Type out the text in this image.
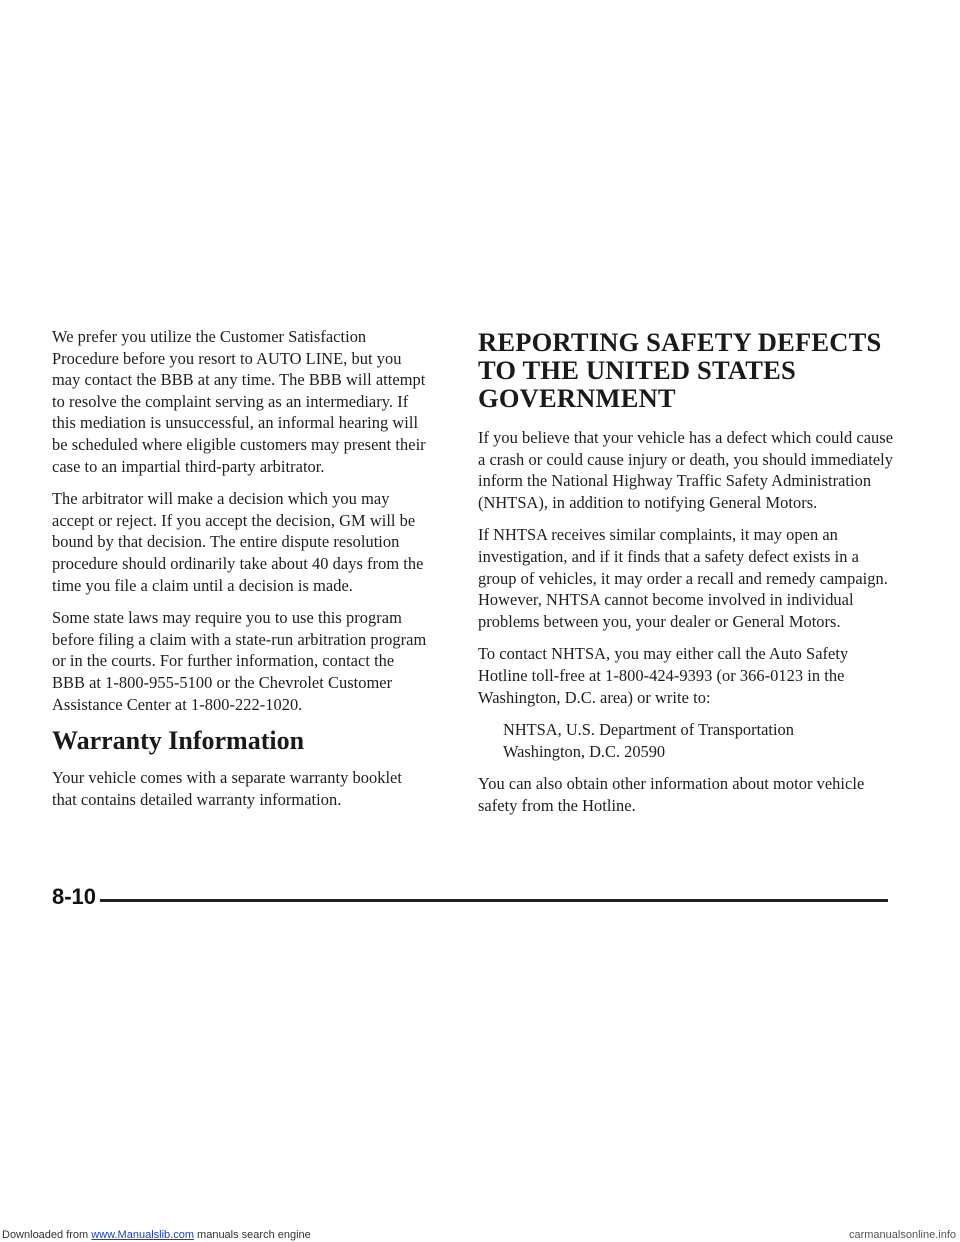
We prefer you utilize the Customer Satisfaction Procedure before you resort to AUTO LINE, but you may contact the BBB at any time. The BBB will attempt to resolve the complaint serving as an intermediary. If this mediation is unsuccessful, an informal hearing will be scheduled where eligible customers may present their case to an impartial third-party arbitrator.

The arbitrator will make a decision which you may accept or reject. If you accept the decision, GM will be bound by that decision. The entire dispute resolution procedure should ordinarily take about 40 days from the time you file a claim until a decision is made.

Some state laws may require you to use this program before filing a claim with a state-run arbitration program or in the courts. For further information, contact the BBB at 1-800-955-5100 or the Chevrolet Customer Assistance Center at 1-800-222-1020.

Warranty Information

Your vehicle comes with a separate warranty booklet that contains detailed warranty information.

REPORTING SAFETY DEFECTS TO THE UNITED STATES GOVERNMENT

If you believe that your vehicle has a defect which could cause a crash or could cause injury or death, you should immediately inform the National Highway Traffic Safety Administration (NHTSA), in addition to notifying General Motors.

If NHTSA receives similar complaints, it may open an investigation, and if it finds that a safety defect exists in a group of vehicles, it may order a recall and remedy campaign. However, NHTSA cannot become involved in individual problems between you, your dealer or General Motors.

To contact NHTSA, you may either call the Auto Safety Hotline toll-free at 1-800-424-9393 (or 366-0123 in the Washington, D.C. area) or write to:

NHTSA, U.S. Department of Transportation
Washington, D.C. 20590

You can also obtain other information about motor vehicle safety from the Hotline.

8-10
Downloaded from www.Manualslib.com manuals search engine	carmanualsonline.info
